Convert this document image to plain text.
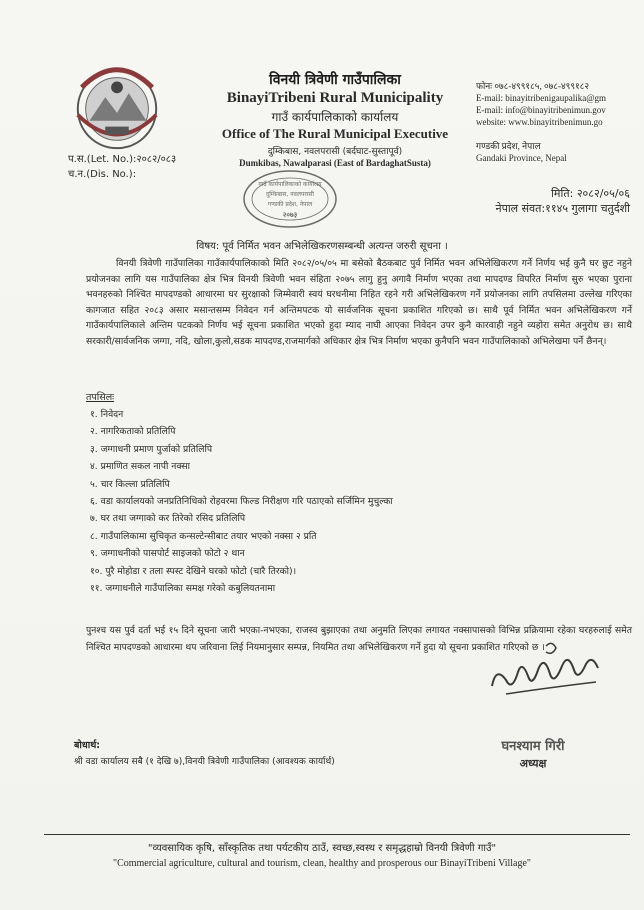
विनयी त्रिवेणी गाउँपालिका
BinayiTribeni Rural Municipality
गाउँ कार्यपालिकाको कार्यालय
Office of The Rural Municipal Executive
दुम्किबास, नवलपरासी (बर्दघाट-सुस्तापूर्व)
Dumkibas, Nawalparasi (East of BardaghatSusta)
फोनः ०७८-४९९१८५, ०७८-४९९१८२
E-mail: binayitribenigaupalika@gm
E-mail: info@binayitribenimun.gov
website: www.binayitribenimun.go
गण्डकी प्रदेश, नेपाल
Gandaki Province, Nepal
प.स.(Let. No.):२०८२/०८३
च.न.(Dis. No.):
गाउँ कार्यपालिकाको कार्यालय
दुम्किबास, नवलपरासी
गण्डकी प्रदेश, नेपाल
२०७३
मिति: २०८२/०५/०६
नेपाल संवत:११४५ गुलागा चतुर्दशी
विषय: पूर्व निर्मित भवन अभिलेखिकरणसम्बन्धी अत्यन्त जरुरी सूचना ।

विनयी त्रिवेणी गाउँपालिका गाउँकार्यपालिकाको मिति २०८२/०५/०५ मा बसेको बैठकबाट पुर्व निर्मित भवन अभिलेखिकरण गर्ने निर्णय भई कुनै घर छुट नहुने प्रयोजनका लागि यस गाउँपालिका क्षेत्र भित्र विनयी त्रिवेणी भवन संहिता २०७५ लागु हुनु अगावै निर्माण भएका तथा मापदण्ड विपरित निर्माण सुरु भएका पुराना भवनहरुको निश्चित मापदण्डको आधारमा घर सुरक्षाको जिम्मेवारी स्वयं घरधनीमा निहित रहने गरी अभिलेखिकरण गर्ने प्रयोजनका लागि तपसिलमा उल्लेख गरिएका कागजात सहित २०८३ असार मसान्तसम्म निवेदन गर्न अन्तिमपटक यो सार्वजनिक सूचना प्रकाशित गरिएको छ। साथै पूर्व निर्मित भवन अभिलेखिकरण गर्ने गाउँकार्यपालिकाले अन्तिम पटकको निर्णय भई सूचना प्रकाशित भएको हुदा म्याद नाघी आएका निवेदन उपर कुनै कारवाही नहुने व्यहोरा समेत अनुरोध छ। साथै सरकारी/सार्वजनिक जग्गा, नदि, खोला,कुलो,सडक मापदण्ड,राजमार्गको अधिकार क्षेत्र भित्र निर्माण भएका कुनैपनि भवन गाउँपालिकाको अभिलेखमा पर्ने छैनन्।

तपसिलः
१. निवेदन
२. नागरिकताको प्रतिलिपि
३. जग्गाधनी प्रमाण पुर्जाको प्रतिलिपि
४. प्रमाणित सकल नापी नक्सा
५. चार किल्ला प्रतिलिपि
६. वडा कार्यालयको जनप्रतिनिधिको रोहवरमा फिल्ड निरीक्षण गरि पठाएको सर्जिमिन मुचुल्का
७. घर तथा जग्गाको कर तिरेको रसिद प्रतिलिपि
८. गाउँपालिकामा सुचिकृत कन्सल्टेन्सीबाट तयार भएको नक्सा २ प्रति
९. जग्गाधनीको पासपोर्ट साइजको फोटो २ थान
१०. पुरै मोहोडा र तला स्पस्ट देखिने घरको फोटो (चारै तिरको)।
११. जग्गाधनीले गाउँपालिका समक्ष गरेको कबुलियतनामा
पुनश्च यस पुर्व दर्ता भई १५ दिने सूचना जारी भएका-नभएका, राजस्व बुझाएका तथा अनुमति लिएका लगायत नक्सापासको विभिन्न प्रक्रियामा रहेका घरहरुलाई समेत निश्चित मापदण्डको आधारमा थप जरिवाना लिई नियमानुसार सम्पन्न, नियमित तथा अभिलेखिकरण गर्ने हुदा यो सूचना प्रकाशित गरिएको छ ।
बोधार्थ:
श्री वडा कार्यालय सबै (१ देखि ७),विनयी त्रिवेणी गाउँपालिका (आवश्यक कार्यार्थ)
घनश्याम गिरी
अध्यक्ष
"व्यवसायिक कृषि, साँस्कृतिक तथा पर्यटकीय ठाउँ, स्वच्छ,स्वस्थ र समृद्धहाम्रो विनयी त्रिवेणी गाउँ"
"Commercial agriculture, cultural and tourism, clean, healthy and prosperous our BinayiTribeni Village"
